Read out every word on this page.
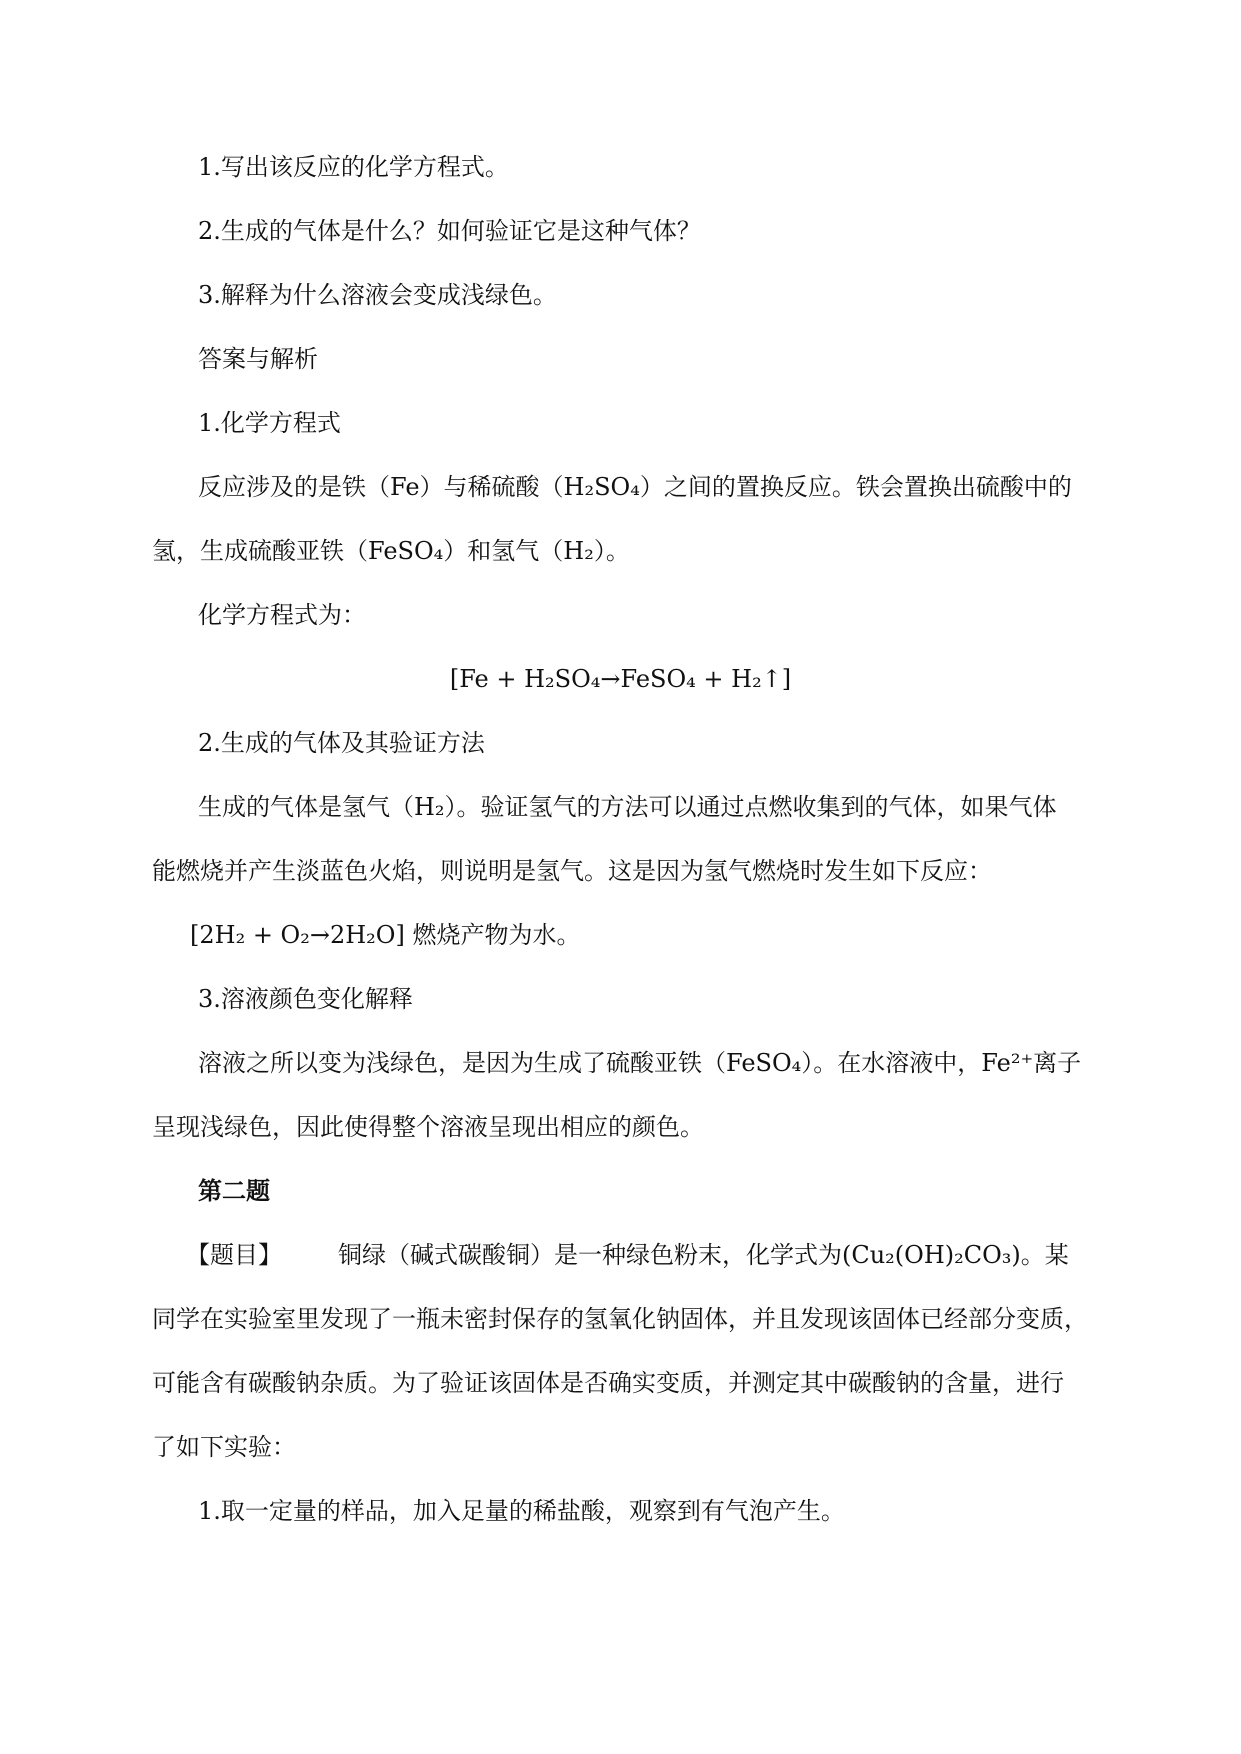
1.写出该反应的化学方程式。
2.生成的气体是什么？如何验证它是这种气体？
3.解释为什么溶液会变成浅绿色。
答案与解析
1.化学方程式
反应涉及的是铁（Fe）与稀硫酸（H₂SO₄）之间的置换反应。铁会置换出硫酸中的
氢，生成硫酸亚铁（FeSO₄）和氢气（H₂）。
化学方程式为：
[Fe + H₂SO₄→FeSO₄ + H₂↑]
2.生成的气体及其验证方法
生成的气体是氢气（H₂）。验证氢气的方法可以通过点燃收集到的气体，如果气体
能燃烧并产生淡蓝色火焰，则说明是氢气。这是因为氢气燃烧时发生如下反应：
[2H₂ + O₂→2H₂O] 燃烧产物为水。
3.溶液颜色变化解释
溶液之所以变为浅绿色，是因为生成了硫酸亚铁（FeSO₄）。在水溶液中，Fe²⁺离子
呈现浅绿色，因此使得整个溶液呈现出相应的颜色。
第二题
【题目】 铜绿（碱式碳酸铜）是一种绿色粉末，化学式为(Cu₂(OH)₂CO₃)。某
同学在实验室里发现了一瓶未密封保存的氢氧化钠固体，并且发现该固体已经部分变质，
可能含有碳酸钠杂质。为了验证该固体是否确实变质，并测定其中碳酸钠的含量，进行
了如下实验：
1.取一定量的样品，加入足量的稀盐酸，观察到有气泡产生。
